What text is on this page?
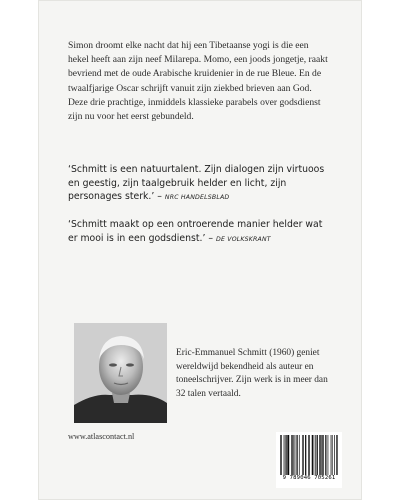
Simon droomt elke nacht dat hij een Tibetaanse yogi is die een hekel heeft aan zijn neef Milarepa. Momo, een joods jongetje, raakt bevriend met de oude Arabische kruidenier in de rue Bleue. En de twaalfjarige Oscar schrijft vanuit zijn ziekbed brieven aan God. Deze drie prachtige, inmiddels klassieke parabels over godsdienst zijn nu voor het eerst gebundeld.

‘Schmitt is een natuurtalent. Zijn dialogen zijn virtuoos en geestig, zijn taalgebruik helder en licht, zijn personages sterk.’ – NRC HANDELSBLAD

‘Schmitt maakt op een ontroerende manier helder wat er mooi is in een godsdienst.’ – DE VOLKSKRANT

Eric-Emmanuel Schmitt (1960) geniet wereldwijd bekendheid als auteur en toneelschrijver. Zijn werk is in meer dan 32 talen vertaald.

www.atlascontact.nl
9 789046 705261
